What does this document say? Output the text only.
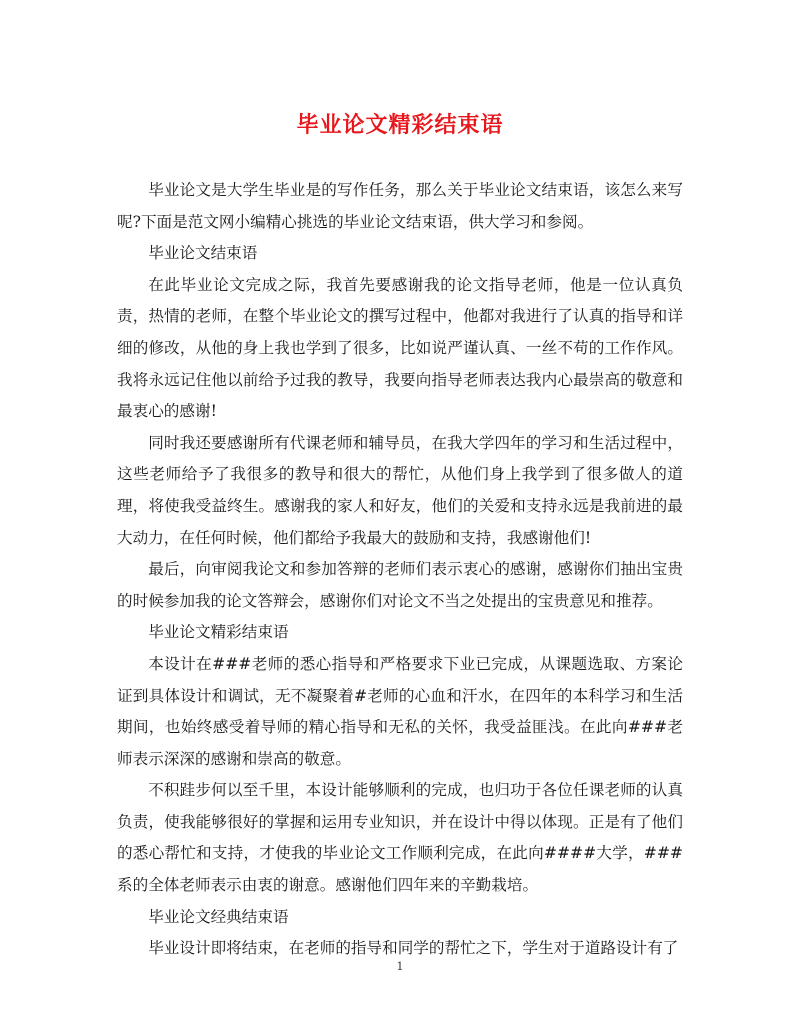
毕业论文精彩结束语

毕业论文是大学生毕业是的写作任务，那么关于毕业论文结束语，该怎么来写呢?下面是范文网小编精心挑选的毕业论文结束语，供大学习和参阅。

毕业论文结束语

在此毕业论文完成之际，我首先要感谢我的论文指导老师，他是一位认真负责，热情的老师，在整个毕业论文的撰写过程中，他都对我进行了认真的指导和详细的修改，从他的身上我也学到了很多，比如说严谨认真、一丝不苟的工作作风。我将永远记住他以前给予过我的教导，我要向指导老师表达我内心最崇高的敬意和最衷心的感谢!

同时我还要感谢所有代课老师和辅导员，在我大学四年的学习和生活过程中，这些老师给予了我很多的教导和很大的帮忙，从他们身上我学到了很多做人的道理，将使我受益终生。感谢我的家人和好友，他们的关爱和支持永远是我前进的最大动力，在任何时候，他们都给予我最大的鼓励和支持，我感谢他们!

最后，向审阅我论文和参加答辩的老师们表示衷心的感谢，感谢你们抽出宝贵的时候参加我的论文答辩会，感谢你们对论文不当之处提出的宝贵意见和推荐。

毕业论文精彩结束语

本设计在###老师的悉心指导和严格要求下业已完成，从课题选取、方案论证到具体设计和调试，无不凝聚着#老师的心血和汗水，在四年的本科学习和生活期间，也始终感受着导师的精心指导和无私的关怀，我受益匪浅。在此向###老师表示深深的感谢和崇高的敬意。

不积跬步何以至千里，本设计能够顺利的完成，也归功于各位任课老师的认真负责，使我能够很好的掌握和运用专业知识，并在设计中得以体现。正是有了他们的悉心帮忙和支持，才使我的毕业论文工作顺利完成，在此向####大学，###系的全体老师表示由衷的谢意。感谢他们四年来的辛勤栽培。

毕业论文经典结束语

毕业设计即将结束，在老师的指导和同学的帮忙之下，学生对于道路设计有了

1
